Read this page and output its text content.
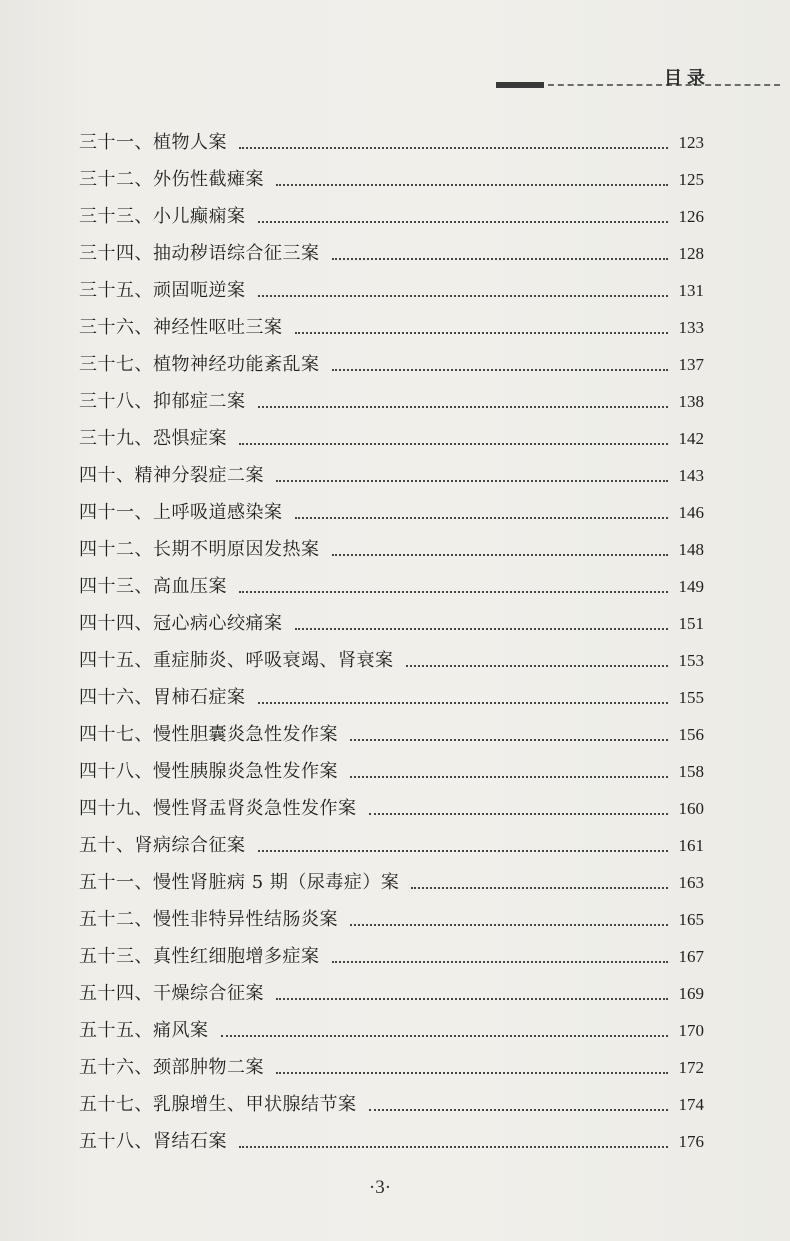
目录
三十一、植物人案	123
三十二、外伤性截瘫案	125
三十三、小儿癫痫案	126
三十四、抽动秽语综合征三案	128
三十五、顽固呃逆案	131
三十六、神经性呕吐三案	133
三十七、植物神经功能紊乱案	137
三十八、抑郁症二案	138
三十九、恐惧症案	142
四十、精神分裂症二案	143
四十一、上呼吸道感染案	146
四十二、长期不明原因发热案	148
四十三、高血压案	149
四十四、冠心病心绞痛案	151
四十五、重症肺炎、呼吸衰竭、肾衰案	153
四十六、胃柿石症案	155
四十七、慢性胆囊炎急性发作案	156
四十八、慢性胰腺炎急性发作案	158
四十九、慢性肾盂肾炎急性发作案	160
五十、肾病综合征案	161
五十一、慢性肾脏病 5 期（尿毒症）案	163
五十二、慢性非特异性结肠炎案	165
五十三、真性红细胞增多症案	167
五十四、干燥综合征案	169
五十五、痛风案	170
五十六、颈部肿物二案	172
五十七、乳腺增生、甲状腺结节案	174
五十八、肾结石案	176
·3·
